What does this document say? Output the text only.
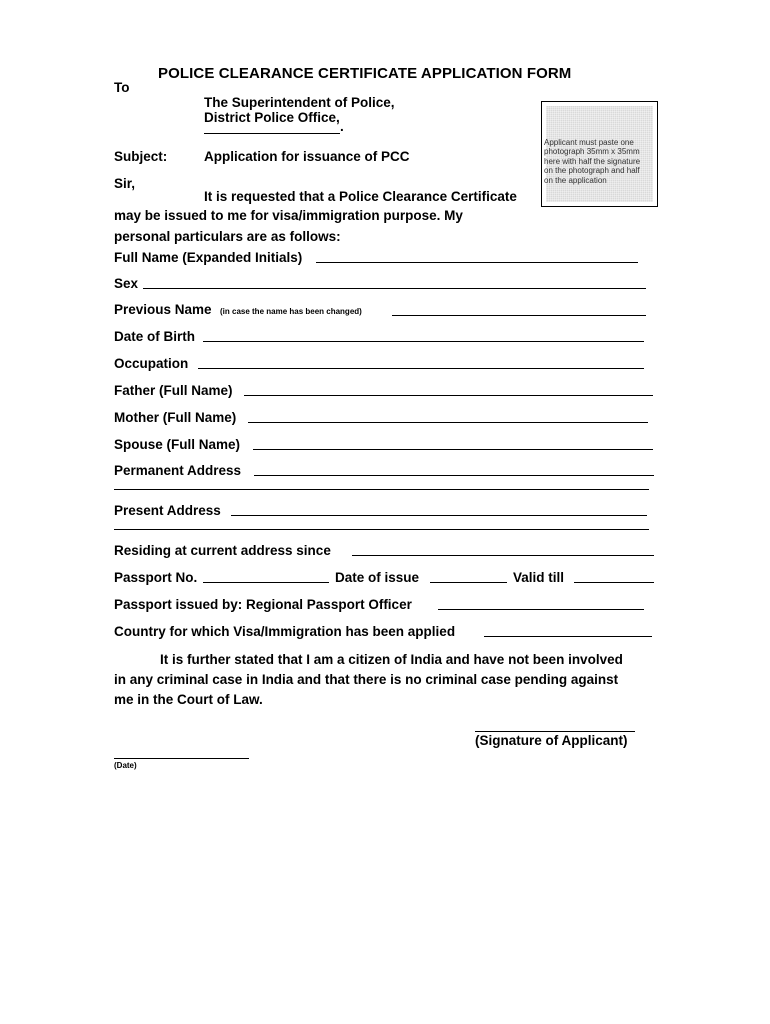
POLICE CLEARANCE CERTIFICATE APPLICATION FORM
To
The Superintendent of Police,
District Police Office,
.
Applicant must paste one photograph 35mm x 35mm here with half the signature on the photograph and half on the application
Subject:	Application for issuance of PCC
Sir,
It is requested that a Police Clearance Certificate
may be issued to me for visa/immigration purpose. My
personal particulars are as follows:
Full Name (Expanded Initials)
Sex
Previous Name (in case the name has been changed)
Date of Birth
Occupation
Father (Full Name)
Mother (Full Name)
Spouse (Full Name)
Permanent Address
Present Address
Residing at current address since
Passport No.	Date of issue	Valid till
Passport issued by: Regional Passport Officer
Country for which Visa/Immigration has been applied
It is further stated that I am a citizen of India and have not been involved
in any criminal case in India and that there is no criminal case pending against
me in the Court of Law.
(Signature of Applicant)
(Date)
